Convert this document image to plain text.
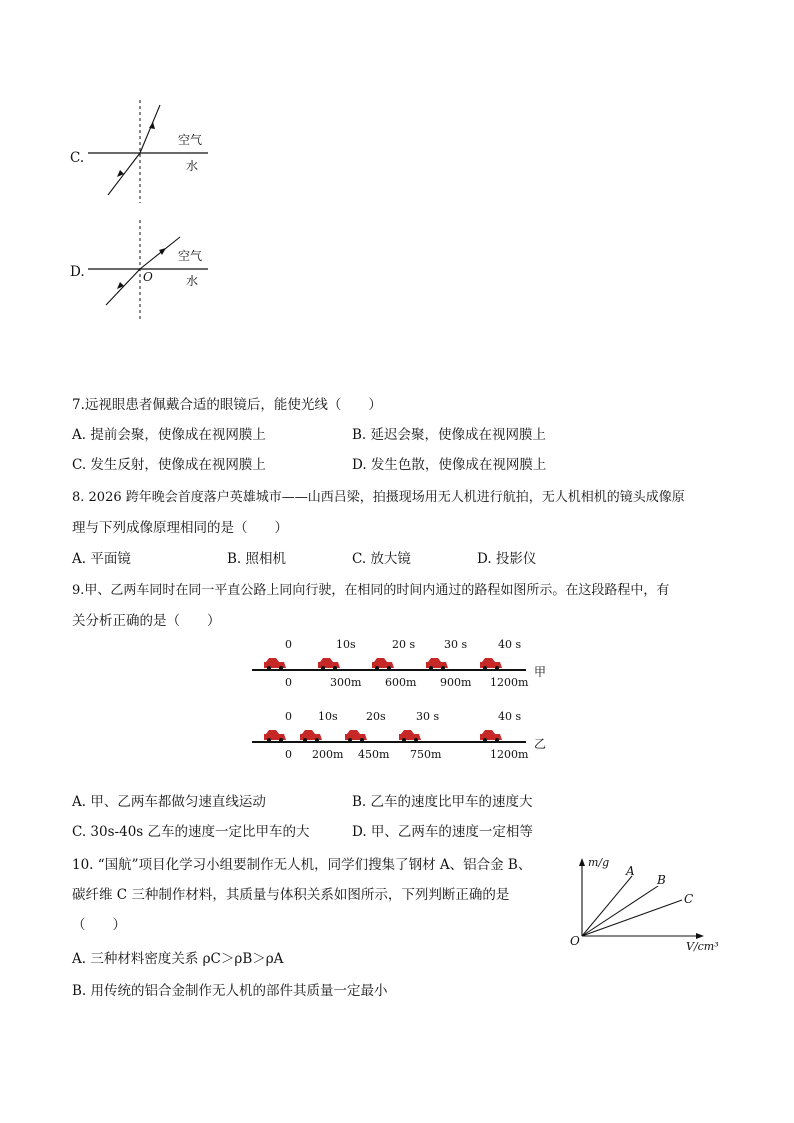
C.
空气
水
D.	O
空气
水
7.远视眼患者佩戴合适的眼镜后，能使光线（　　）
A. 提前会聚，使像成在视网膜上	B. 延迟会聚，使像成在视网膜上
C. 发生反射，使像成在视网膜上	D. 发生色散，使像成在视网膜上
8. 2026 跨年晚会首度落户英雄城市——山西吕梁，拍摄现场用无人机进行航拍，无人机相机的镜头成像原
理与下列成像原理相同的是（　　）
A. 平面镜	B. 照相机	C. 放大镜	D. 投影仪
9.甲、乙两车同时在同一平直公路上同向行驶，在相同的时间内通过的路程如图所示。在这段路程中，有
关分析正确的是（　　）
0	10s	20 s	30 s	40 s
0	300m 600m 900m 1200m
甲
0 10s	20s	30 s	40 s
0 200m 450m 750m	1200m
乙
A. 甲、乙两车都做匀速直线运动	B. 乙车的速度比甲车的速度大
C. 30s-40s 乙车的速度一定比甲车的大	D. 甲、乙两车的速度一定相等
10. “国航”项目化学习小组要制作无人机，同学们搜集了钢材 A、铝合金 B、
碳纤维 C 三种制作材料，其质量与体积关系如图所示，下列判断正确的是
（　　）
A. 三种材料密度关系 ρC＞ρB＞ρA
B. 用传统的铝合金制作无人机的部件其质量一定最小
m/g
V/cm³
O
A
B
C
